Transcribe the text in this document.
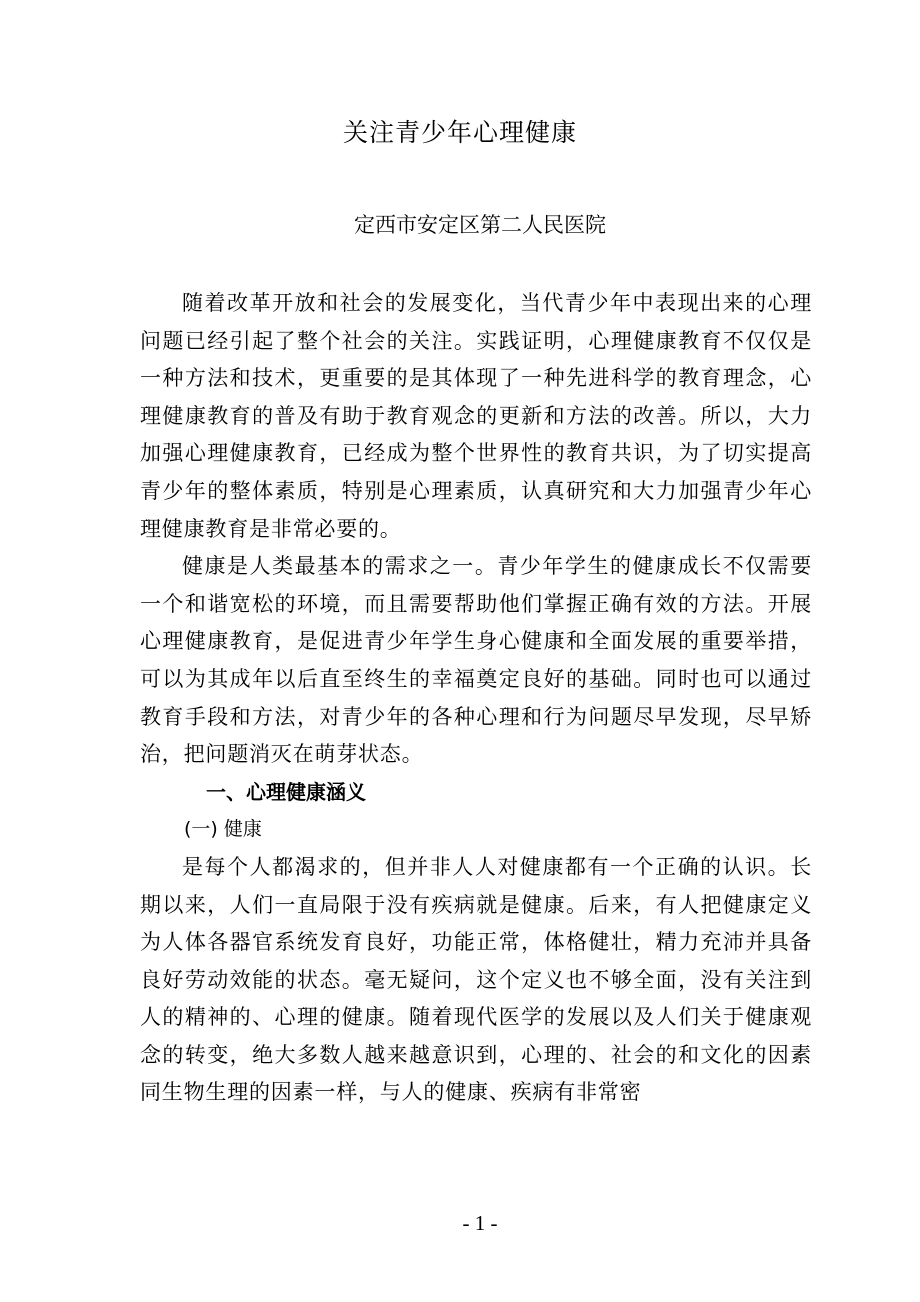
关注青少年心理健康
定西市安定区第二人民医院

随着改革开放和社会的发展变化，当代青少年中表现出来的心理问题已经引起了整个社会的关注。实践证明，心理健康教育不仅仅是一种方法和技术，更重要的是其体现了一种先进科学的教育理念，心理健康教育的普及有助于教育观念的更新和方法的改善。所以，大力加强心理健康教育，已经成为整个世界性的教育共识，为了切实提高青少年的整体素质，特别是心理素质，认真研究和大力加强青少年心理健康教育是非常必要的。

健康是人类最基本的需求之一。青少年学生的健康成长不仅需要一个和谐宽松的环境，而且需要帮助他们掌握正确有效的方法。开展心理健康教育，是促进青少年学生身心健康和全面发展的重要举措，可以为其成年以后直至终生的幸福奠定良好的基础。同时也可以通过教育手段和方法，对青少年的各种心理和行为问题尽早发现，尽早矫治，把问题消灭在萌芽状态。

一、心理健康涵义

(一) 健康

是每个人都渴求的，但并非人人对健康都有一个正确的认识。长期以来，人们一直局限于没有疾病就是健康。后来，有人把健康定义为人体各器官系统发育良好，功能正常，体格健壮，精力充沛并具备良好劳动效能的状态。毫无疑问，这个定义也不够全面，没有关注到人的精神的、心理的健康。随着现代医学的发展以及人们关于健康观念的转变，绝大多数人越来越意识到，心理的、社会的和文化的因素同生物生理的因素一样，与人的健康、疾病有非常密

- 1 -
